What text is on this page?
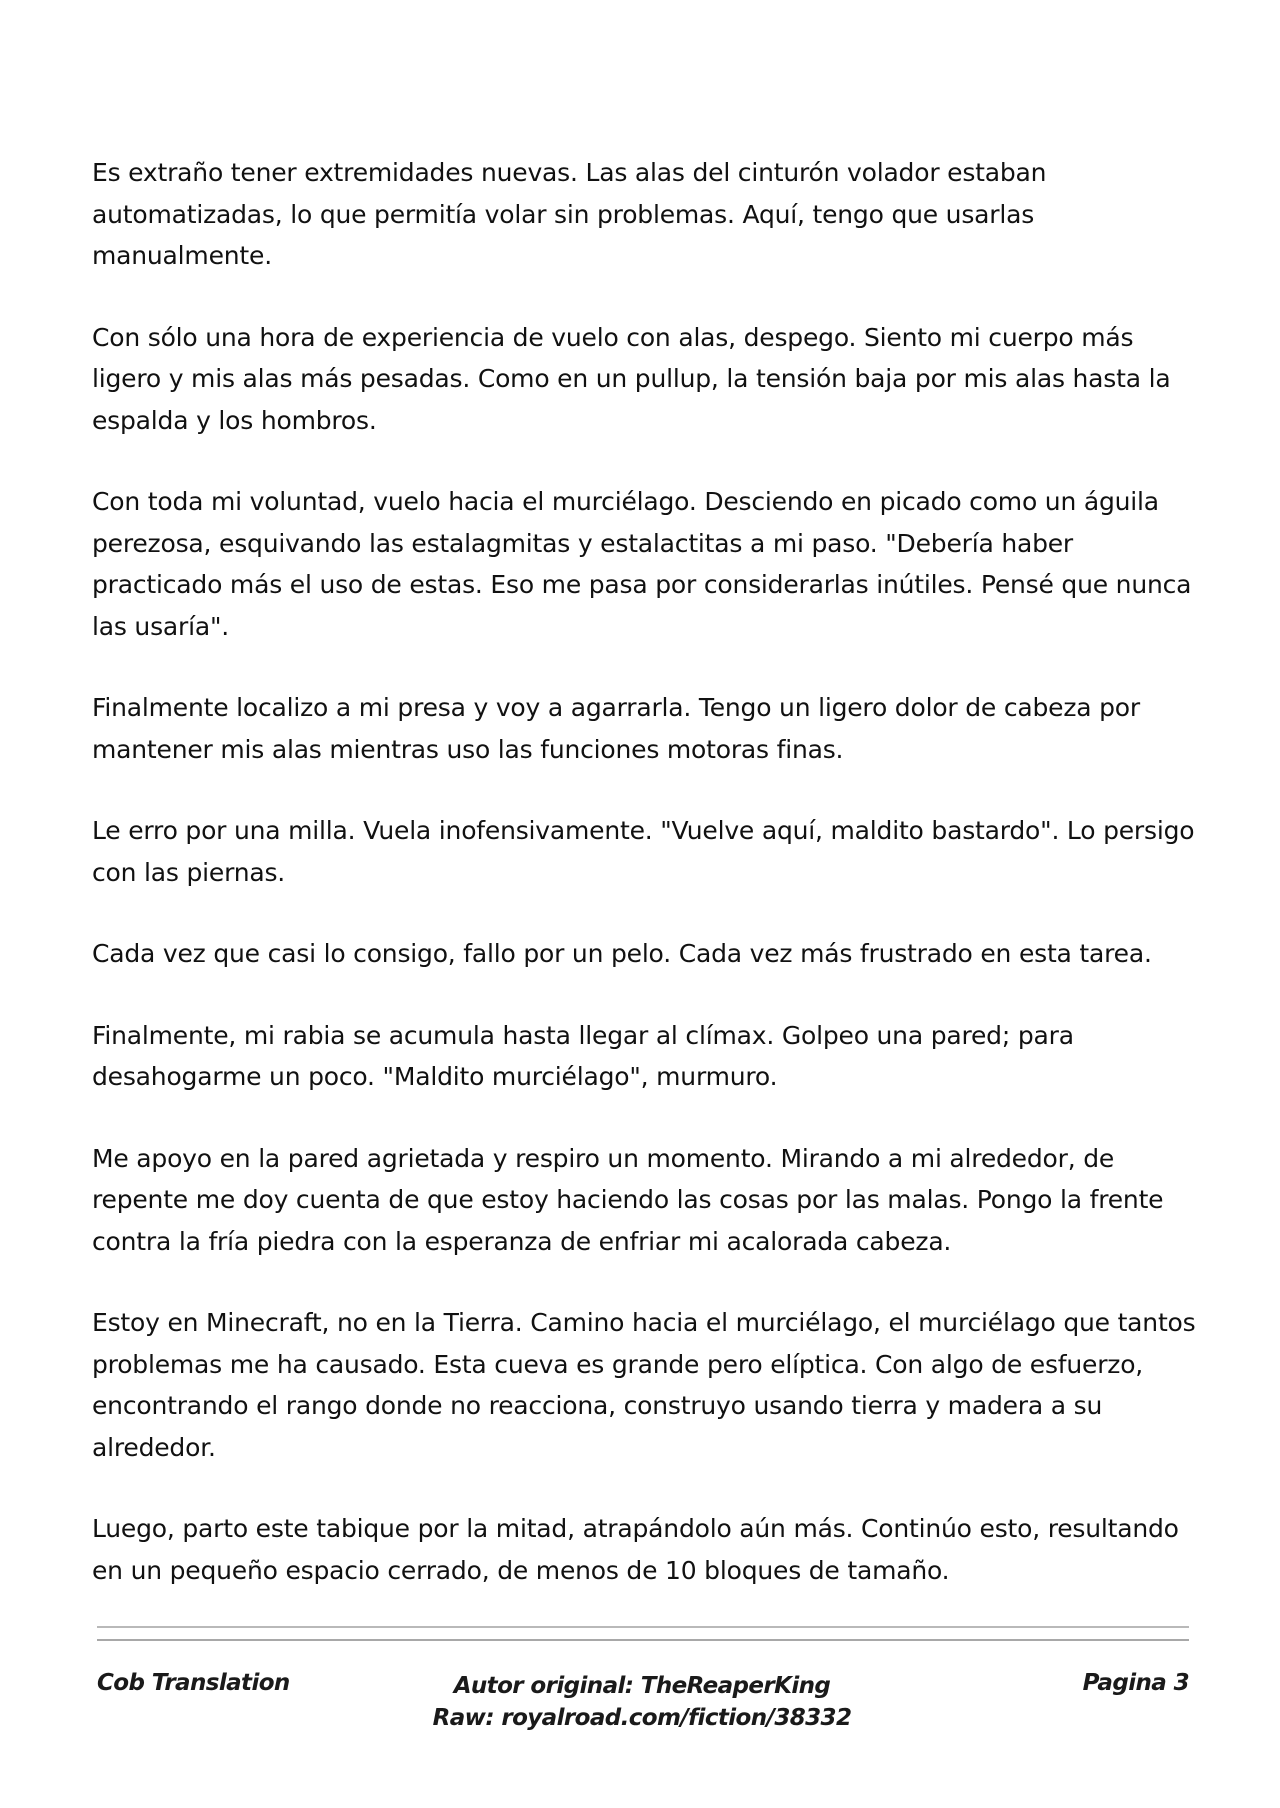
Es extraño tener extremidades nuevas. Las alas del cinturón volador estaban automatizadas, lo que permitía volar sin problemas. Aquí, tengo que usarlas manualmente.

Con sólo una hora de experiencia de vuelo con alas, despego. Siento mi cuerpo más ligero y mis alas más pesadas. Como en un pullup, la tensión baja por mis alas hasta la espalda y los hombros.

Con toda mi voluntad, vuelo hacia el murciélago. Desciendo en picado como un águila perezosa, esquivando las estalagmitas y estalactitas a mi paso. "Debería haber practicado más el uso de estas. Eso me pasa por considerarlas inútiles. Pensé que nunca las usaría".

Finalmente localizo a mi presa y voy a agarrarla. Tengo un ligero dolor de cabeza por mantener mis alas mientras uso las funciones motoras finas.

Le erro por una milla. Vuela inofensivamente. "Vuelve aquí, maldito bastardo". Lo persigo con las piernas.

Cada vez que casi lo consigo, fallo por un pelo. Cada vez más frustrado en esta tarea.

Finalmente, mi rabia se acumula hasta llegar al clímax. Golpeo una pared; para desahogarme un poco. "Maldito murciélago", murmuro.

Me apoyo en la pared agrietada y respiro un momento. Mirando a mi alrededor, de repente me doy cuenta de que estoy haciendo las cosas por las malas. Pongo la frente contra la fría piedra con la esperanza de enfriar mi acalorada cabeza.

Estoy en Minecraft, no en la Tierra. Camino hacia el murciélago, el murciélago que tantos problemas me ha causado. Esta cueva es grande pero elíptica. Con algo de esfuerzo, encontrando el rango donde no reacciona, construyo usando tierra y madera a su alrededor.

Luego, parto este tabique por la mitad, atrapándolo aún más. Continúo esto, resultando en un pequeño espacio cerrado, de menos de 10 bloques de tamaño.

Cob Translation	Autor original: TheReaperKing
Raw: royalroad.com/fiction/38332
Pagina 3
